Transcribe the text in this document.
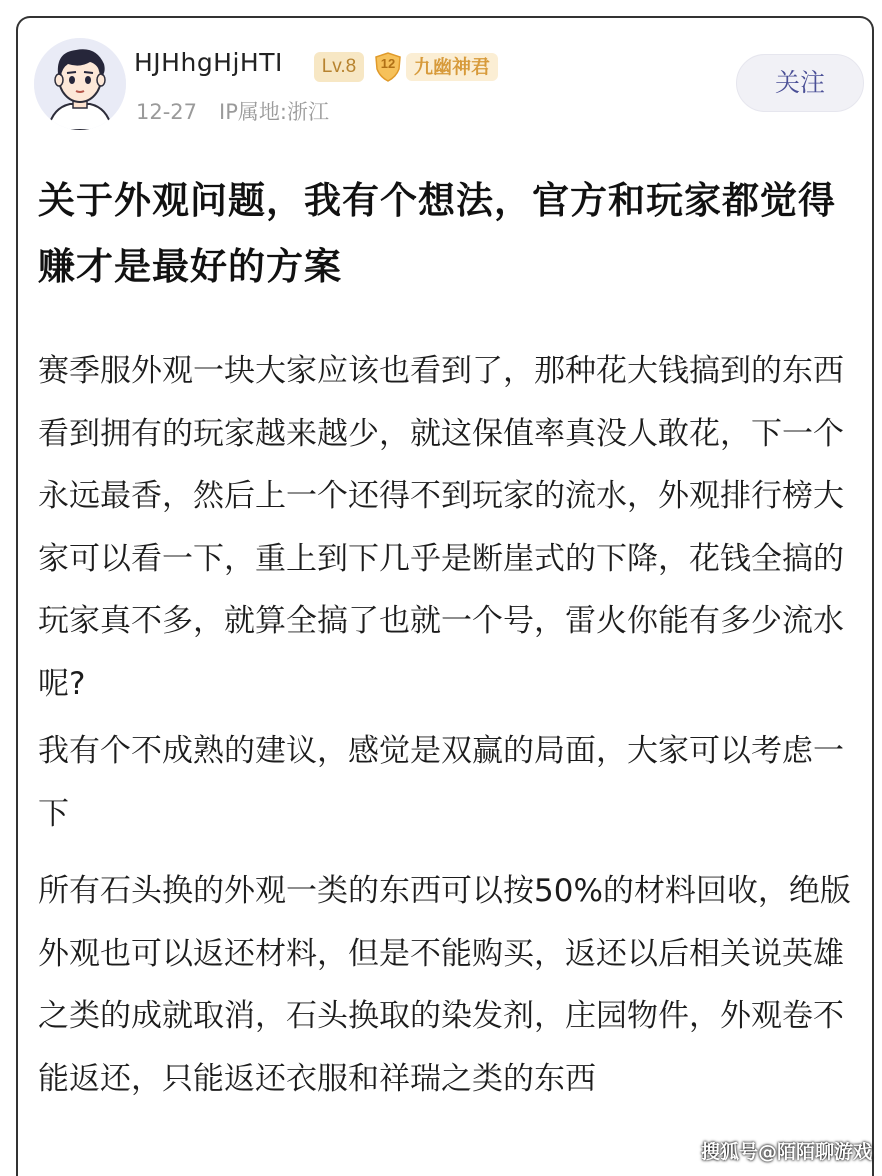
HJHhgHjHTI	Lv.8	12 九幽神君
12-27 IP属地:浙江
关注
关于外观问题，我有个想法，官方和玩家都觉得赚才是最好的方案
赛季服外观一块大家应该也看到了，那种花大钱搞到的东西看到拥有的玩家越来越少，就这保值率真没人敢花，下一个永远最香，然后上一个还得不到玩家的流水，外观排行榜大家可以看一下，重上到下几乎是断崖式的下降，花钱全搞的玩家真不多，就算全搞了也就一个号，雷火你能有多少流水呢?
我有个不成熟的建议，感觉是双赢的局面，大家可以考虑一下
所有石头换的外观一类的东西可以按50%的材料回收，绝版外观也可以返还材料，但是不能购买，返还以后相关说英雄之类的成就取消，石头换取的染发剂，庄园物件，外观卷不能返还，只能返还衣服和祥瑞之类的东西
搜狐号@陌陌聊游戏
